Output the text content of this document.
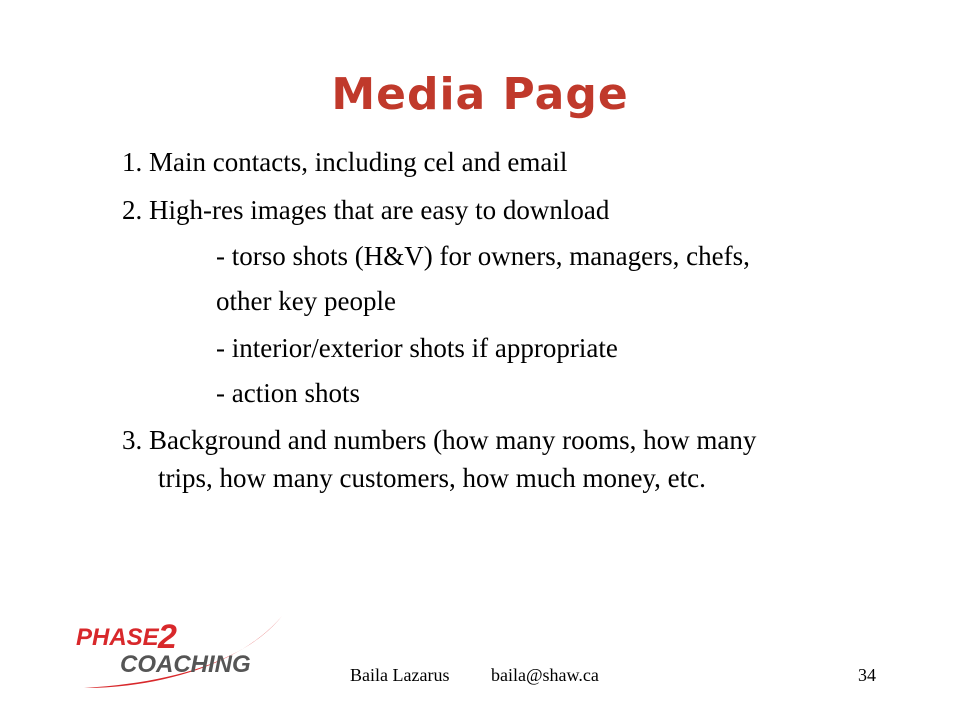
Media Page
1. Main contacts, including cel and email
2. High-res images that are easy to download
- torso shots (H&V) for owners, managers, chefs,
other key people
- interior/exterior shots if appropriate
- action shots
3. Background and numbers (how many rooms, how many
trips, how many customers, how much money, etc.
PHASE 2
COACHING	Baila Lazarus baila@shaw.ca	34
